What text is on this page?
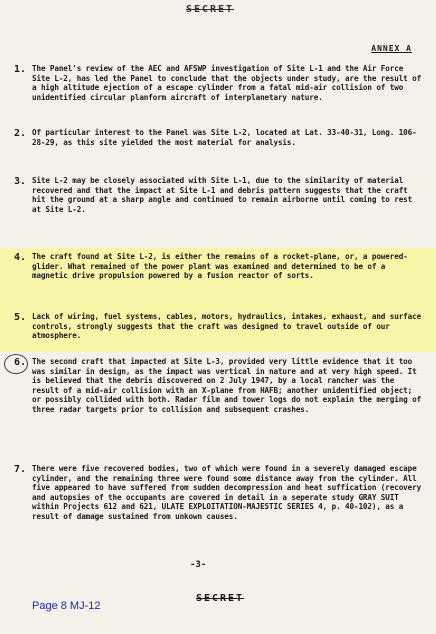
SECRET
ANNEX A
1. The Panel's review of the AEC and AFSWP investigation of Site L-1 and the Air Force Site L-2, has led the Panel to conclude that the objects under study, are the result of a high altitude ejection of a escape cylinder from a fatal mid-air collision of two unidentified circular planform aircraft of interplanetary nature.
2. Of particular interest to the Panel was Site L-2, located at Lat. 33-40-31, Long. 106-28-29, as this site yielded the most material for analysis.
3. Site L-2 may be closely associated with Site L-1, due to the similarity of material recovered and that the impact at Site L-1 and debris pattern suggests that the craft hit the ground at a sharp angle and continued to remain airborne until coming to rest at Site L-2.
4. The craft found at Site L-2, is either the remains of a rocket-plane, or, a powered-glider. What remained of the power plant was examined and determined to be of a magnetic drive propulsion powered by a fusion reactor of sorts.
5. Lack of wiring, fuel systems, cables, motors, hydraulics, intakes, exhaust, and surface controls, strongly suggests that the craft was designed to travel outside of our atmosphere.
6. The second craft that impacted at Site L-3, provided very little evidence that it too was similar in design, as the impact was vertical in nature and at very high speed. It is believed that the debris discovered on 2 July 1947, by a local rancher was the result of a mid-air collision with an X-plane from HAFB; another unidentified object; or possibly collided with both. Radar film and tower logs do not explain the merging of three radar targets prior to collision and subsequent crashes.
7. There were five recovered bodies, two of which were found in a severely damaged escape cylinder, and the remaining three were found some distance away from the cylinder. All five appeared to have suffered from sudden decompression and heat suffication (recovery and autopsies of the occupants are covered in detail in a seperate study GRAY SUIT within Projects 612 and 621, ULATE EXPLOITATION-MAJESTIC SERIES 4, p. 40-102), as a result of damage sustained from unkown causes.
-3-
SECRET
Page 8 MJ-12
